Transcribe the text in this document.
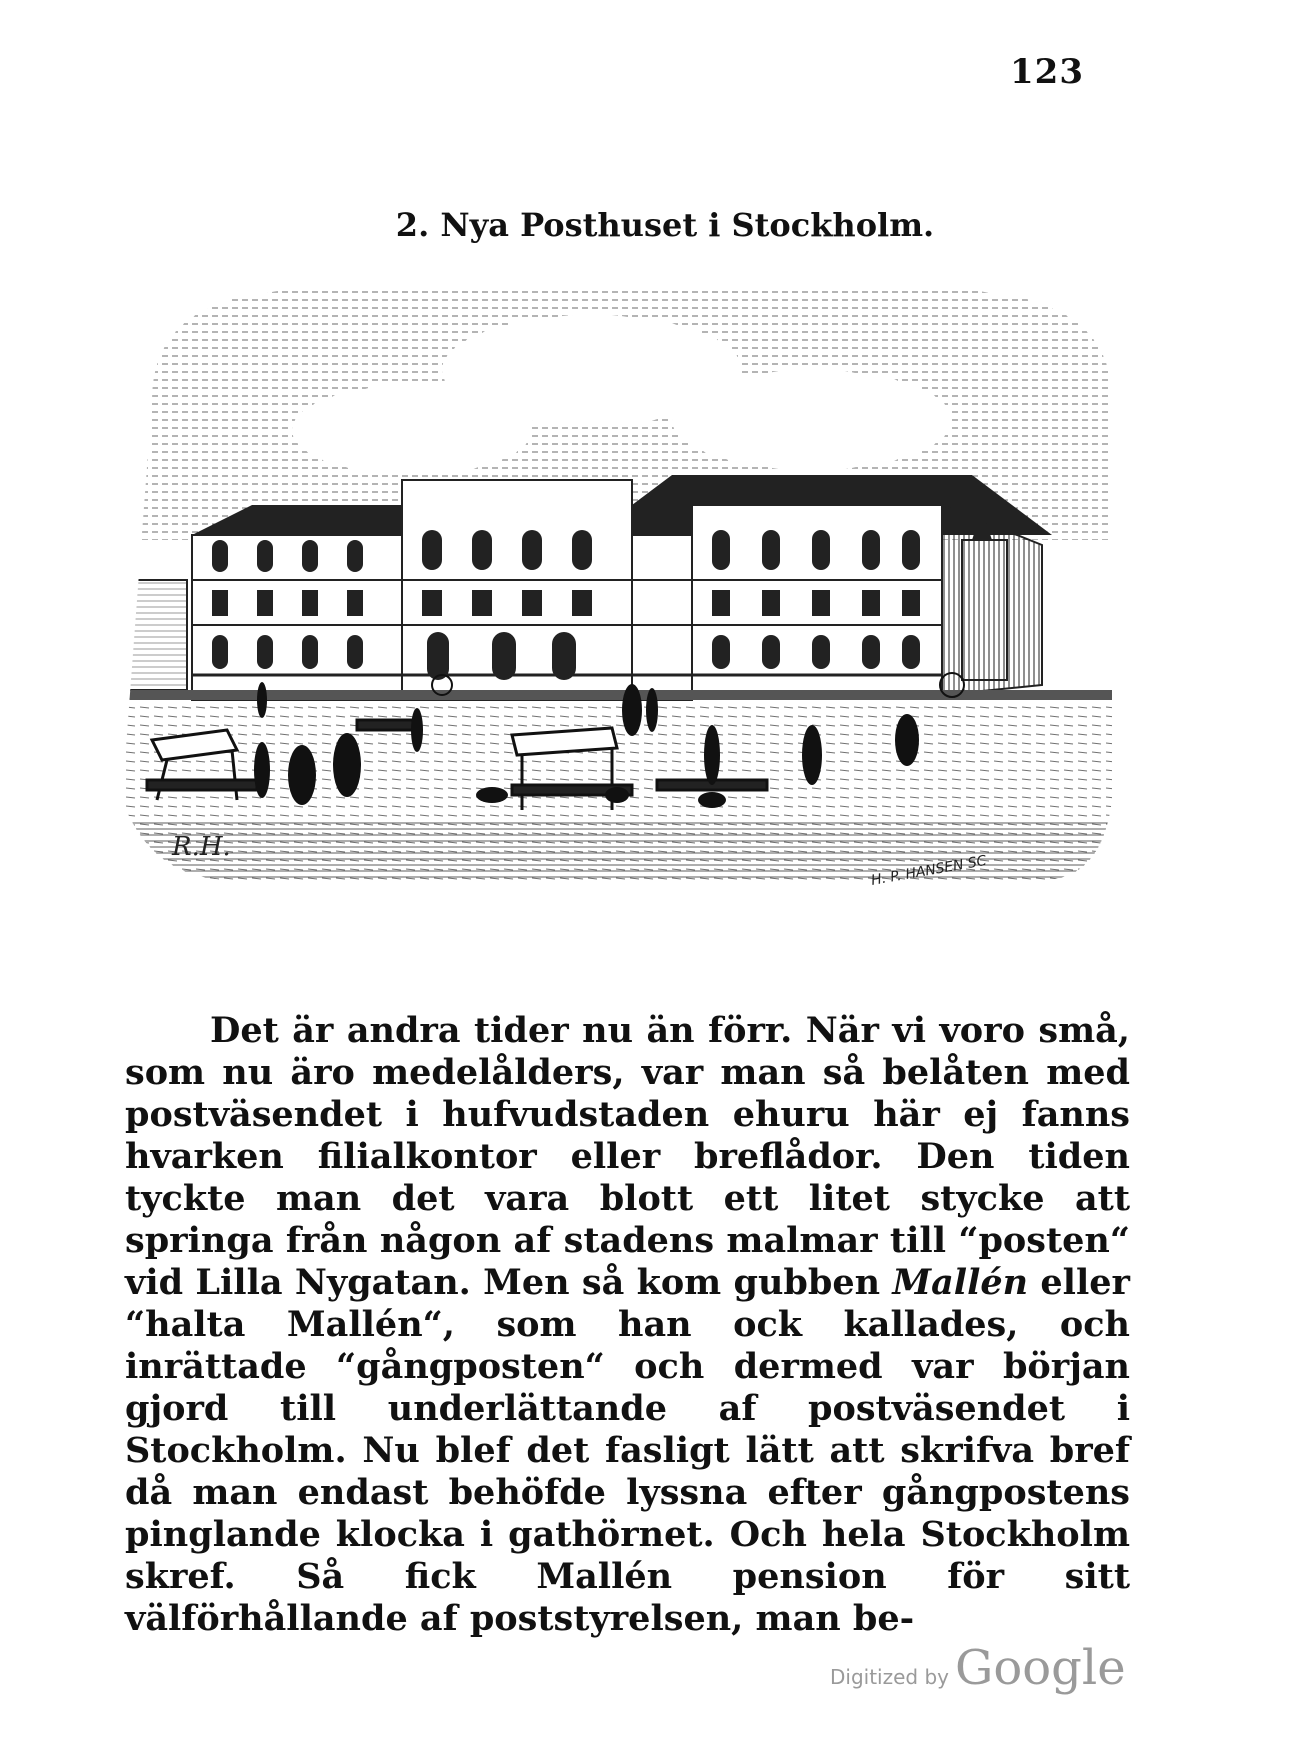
123
2. Nya Posthuset i Stockholm.
R.H.
H. P. HANSEN SC

Det är andra tider nu än förr. När vi voro små, som nu äro medelålders, var man så belåten med postväsendet i hufvudstaden ehuru här ej fanns hvarken filialkontor eller breflådor. Den tiden tyckte man det vara blott ett litet stycke att springa från någon af stadens malmar till “posten“ vid Lilla Nygatan. Men så kom gubben Mallén eller “halta Mallén“, som han ock kallades, och inrättade “gångposten“ och dermed var början gjord till underlättande af postväsendet i Stockholm. Nu blef det fasligt lätt att skrifva bref då man endast behöfde lyssna efter gångpostens pinglande klocka i gathörnet. Och hela Stockholm skref. Så fick Mallén pension för sitt välförhållande af poststyrelsen, man be-

Digitized by Google
